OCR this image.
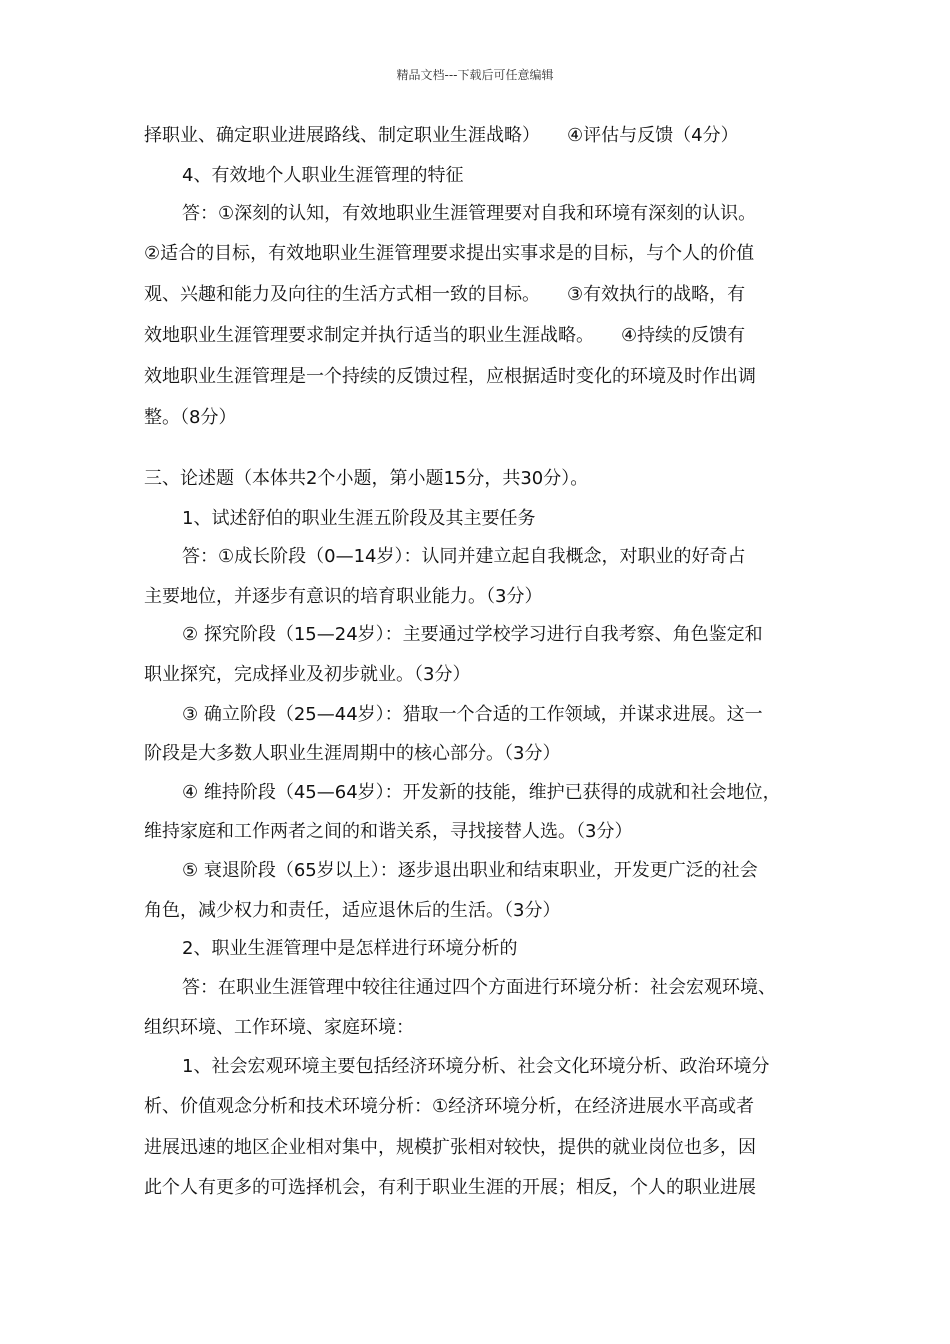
精品文档---下载后可任意编辑
择职业、确定职业进展路线、制定职业生涯战略）　　④评估与反馈（4分）
4、有效地个人职业生涯管理的特征
答：①深刻的认知，有效地职业生涯管理要对自我和环境有深刻的认识。
②适合的目标，有效地职业生涯管理要求提出实事求是的目标，与个人的价值
观、兴趣和能力及向往的生活方式相一致的目标。　　③有效执行的战略，有
效地职业生涯管理要求制定并执行适当的职业生涯战略。　　④持续的反馈有
效地职业生涯管理是一个持续的反馈过程，应根据适时变化的环境及时作出调
整。（8分）
三、论述题（本体共2个小题，第小题15分，共30分）。
1、试述舒伯的职业生涯五阶段及其主要任务
答：①成长阶段（0—14岁）：认同并建立起自我概念，对职业的好奇占
主要地位，并逐步有意识的培育职业能力。（3分）
② 探究阶段（15—24岁）：主要通过学校学习进行自我考察、角色鉴定和
职业探究，完成择业及初步就业。（3分）
③ 确立阶段（25—44岁）：猎取一个合适的工作领域，并谋求进展。这一
阶段是大多数人职业生涯周期中的核心部分。（3分）
④ 维持阶段（45—64岁）：开发新的技能，维护已获得的成就和社会地位，
维持家庭和工作两者之间的和谐关系，寻找接替人选。（3分）
⑤ 衰退阶段（65岁以上）：逐步退出职业和结束职业，开发更广泛的社会
角色，减少权力和责任，适应退休后的生活。（3分）
2、职业生涯管理中是怎样进行环境分析的
答：在职业生涯管理中较往往通过四个方面进行环境分析：社会宏观环境、
组织环境、工作环境、家庭环境：
1、社会宏观环境主要包括经济环境分析、社会文化环境分析、政治环境分
析、价值观念分析和技术环境分析：①经济环境分析，在经济进展水平高或者
进展迅速的地区企业相对集中，规模扩张相对较快，提供的就业岗位也多，因
此个人有更多的可选择机会，有利于职业生涯的开展；相反，个人的职业进展
